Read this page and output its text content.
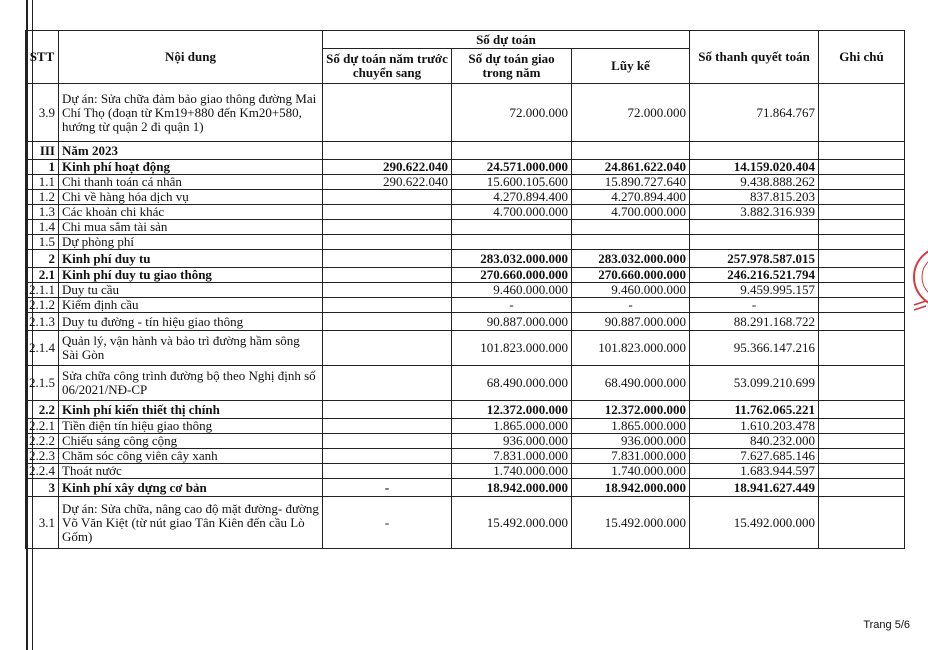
STT	Nội dung	Số dự toán			Số thanh quyết toán	Ghi chú
		Số dự toán năm trước chuyển sang	Số dự toán giao trong năm	Lũy kế		
3.9	Dự án: Sửa chữa đảm bảo giao thông đường Mai Chí Thọ (đoạn từ Km19+880 đến Km20+580, hướng từ quận 2 đi quận 1)		72.000.000	72.000.000	71.864.767	
III	Năm 2023					
1	Kinh phí hoạt động	290.622.040	24.571.000.000	24.861.622.040	14.159.020.404	
1.1	Chi thanh toán cá nhân	290.622.040	15.600.105.600	15.890.727.640	9.438.888.262	
1.2	Chi về hàng hóa dịch vụ		4.270.894.400	4.270.894.400	837.815.203	
1.3	Các khoản chi khác		4.700.000.000	4.700.000.000	3.882.316.939	
1.4	Chi mua sắm tài sản					
1.5	Dự phòng phí					
2	Kinh phí duy tu		283.032.000.000	283.032.000.000	257.978.587.015	
2.1	Kinh phí duy tu giao thông		270.660.000.000	270.660.000.000	246.216.521.794	
2.1.1	Duy tu cầu		9.460.000.000	9.460.000.000	9.459.995.157	
2.1.2	Kiểm định cầu		-	-	-	
2.1.3	Duy tu đường - tín hiệu giao thông		90.887.000.000	90.887.000.000	88.291.168.722	
2.1.4	Quản lý, vận hành và bảo trì đường hầm sông Sài Gòn		101.823.000.000	101.823.000.000	95.366.147.216	
2.1.5	Sửa chữa công trình đường bộ theo Nghị định số 06/2021/NĐ-CP		68.490.000.000	68.490.000.000	53.099.210.699	
2.2	Kinh phí kiến thiết thị chính		12.372.000.000	12.372.000.000	11.762.065.221	
2.2.1	Tiền điện tín hiệu giao thông		1.865.000.000	1.865.000.000	1.610.203.478	
2.2.2	Chiếu sáng công cộng		936.000.000	936.000.000	840.232.000	
2.2.3	Chăm sóc công viên cây xanh		7.831.000.000	7.831.000.000	7.627.685.146	
2.2.4	Thoát nước		1.740.000.000	1.740.000.000	1.683.944.597	
3	Kinh phí xây dựng cơ bản	-	18.942.000.000	18.942.000.000	18.941.627.449	
3.1	Dự án: Sửa chữa, nâng cao độ mặt đường- đường Võ Văn Kiệt (từ nút giao Tân Kiên đến cầu Lò Gốm)	-	15.492.000.000	15.492.000.000	15.492.000.000	
Trang 5/6
